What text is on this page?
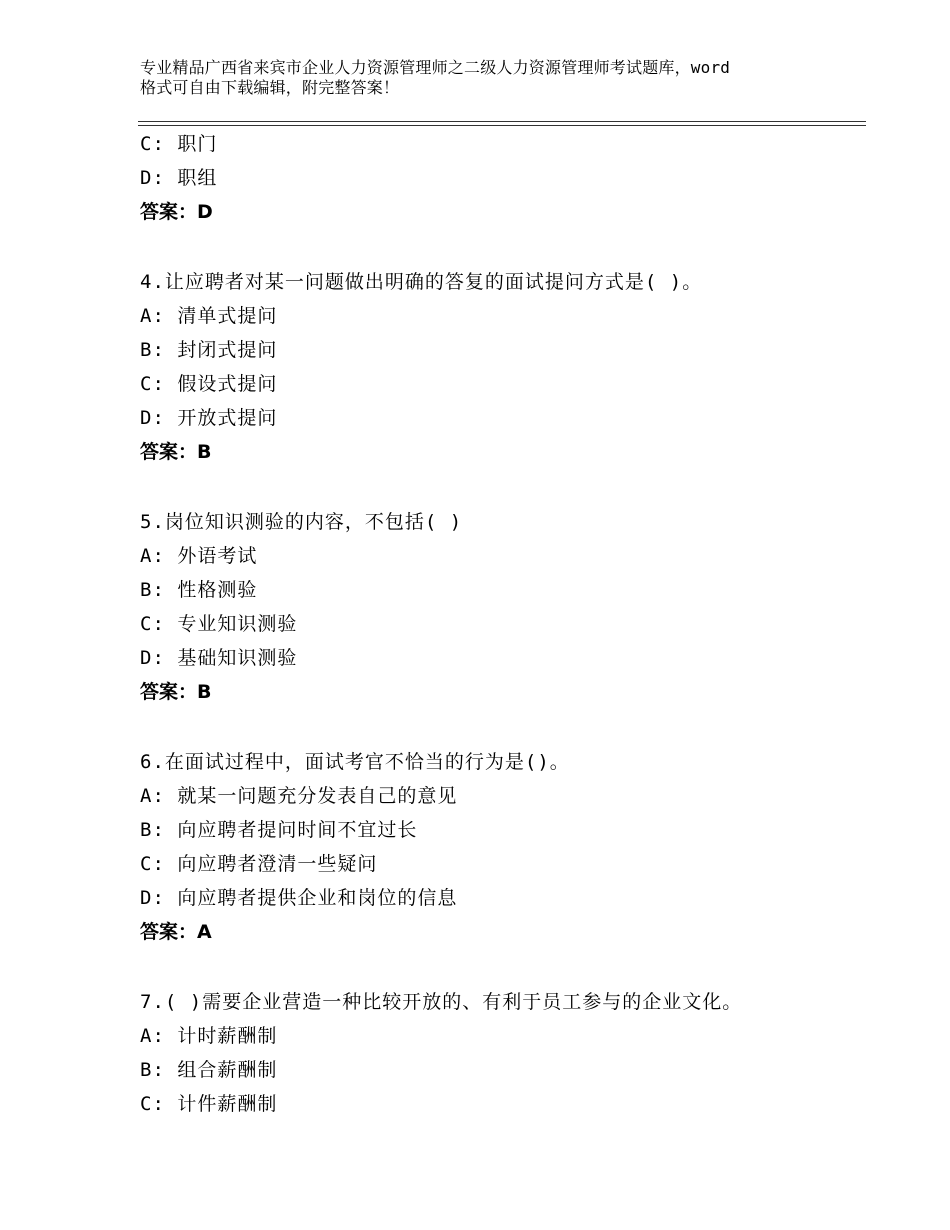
专业精品广西省来宾市企业人力资源管理师之二级人力资源管理师考试题库，word
格式可自由下载编辑，附完整答案！
C: 职门
D: 职组
答案：D
4.让应聘者对某一问题做出明确的答复的面试提问方式是( )。
A: 清单式提问
B: 封闭式提问
C: 假设式提问
D: 开放式提问
答案：B
5.岗位知识测验的内容，不包括( )
A: 外语考试
B: 性格测验
C: 专业知识测验
D: 基础知识测验
答案：B
6.在面试过程中，面试考官不恰当的行为是()。
A: 就某一问题充分发表自己的意见
B: 向应聘者提问时间不宜过长
C: 向应聘者澄清一些疑问
D: 向应聘者提供企业和岗位的信息
答案：A
7.( )需要企业营造一种比较开放的、有利于员工参与的企业文化。
A: 计时薪酬制
B: 组合薪酬制
C: 计件薪酬制
